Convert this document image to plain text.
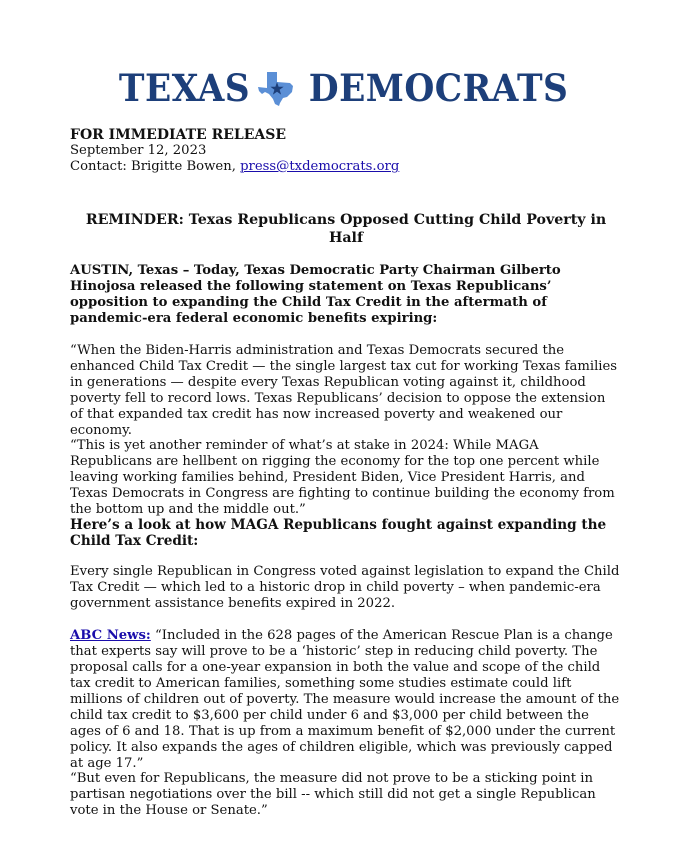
TEXAS DEMOCRATS

FOR IMMEDIATE RELEASE

September 12, 2023

Contact: Brigitte Bowen, press@txdemocrats.org

REMINDER: Texas Republicans Opposed Cutting Child Poverty in Half

AUSTIN, Texas – Today, Texas Democratic Party Chairman Gilberto Hinojosa released the following statement on Texas Republicans’ opposition to expanding the Child Tax Credit in the aftermath of pandemic-era federal economic benefits expiring:

“When the Biden-Harris administration and Texas Democrats secured the enhanced Child Tax Credit — the single largest tax cut for working Texas families in generations — despite every Texas Republican voting against it, childhood poverty fell to record lows. Texas Republicans’ decision to oppose the extension of that expanded tax credit has now increased poverty and weakened our economy.

“This is yet another reminder of what’s at stake in 2024: While MAGA Republicans are hellbent on rigging the economy for the top one percent while leaving working families behind, President Biden, Vice President Harris, and Texas Democrats in Congress are fighting to continue building the economy from the bottom up and the middle out.”

Here’s a look at how MAGA Republicans fought against expanding the Child Tax Credit:

Every single Republican in Congress voted against legislation to expand the Child Tax Credit — which led to a historic drop in child poverty – when pandemic-era government assistance benefits expired in 2022.

ABC News: “Included in the 628 pages of the American Rescue Plan is a change that experts say will prove to be a ‘historic’ step in reducing child poverty. The proposal calls for a one-year expansion in both the value and scope of the child tax credit to American families, something some studies estimate could lift millions of children out of poverty. The measure would increase the amount of the child tax credit to $3,600 per child under 6 and $3,000 per child between the ages of 6 and 18. That is up from a maximum benefit of $2,000 under the current policy. It also expands the ages of children eligible, which was previously capped at age 17.”

“But even for Republicans, the measure did not prove to be a sticking point in partisan negotiations over the bill -- which still did not get a single Republican vote in the House or Senate.”
